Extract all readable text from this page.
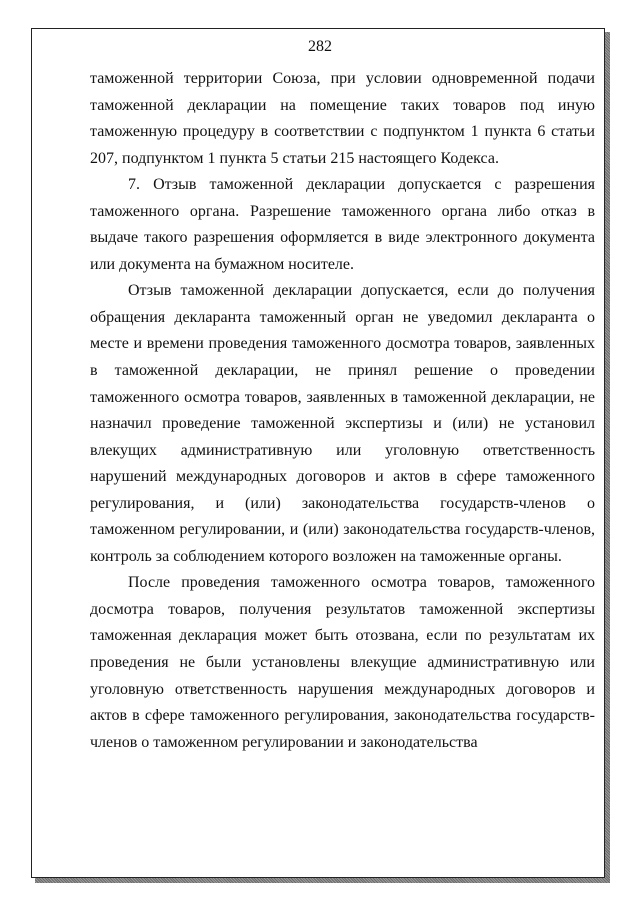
282

таможенной территории Союза, при условии одновременной подачи таможенной декларации на помещение таких товаров под иную таможенную процедуру в соответствии с подпунктом 1 пункта 6 статьи 207, подпунктом 1 пункта 5 статьи 215 настоящего Кодекса.

7. Отзыв таможенной декларации допускается с разрешения таможенного органа. Разрешение таможенного органа либо отказ в выдаче такого разрешения оформляется в виде электронного документа или документа на бумажном носителе.

Отзыв таможенной декларации допускается, если до получения обращения декларанта таможенный орган не уведомил декларанта о месте и времени проведения таможенного досмотра товаров, заявленных в таможенной декларации, не принял решение о проведении таможенного осмотра товаров, заявленных в таможенной декларации, не назначил проведение таможенной экспертизы и (или) не установил влекущих административную или уголовную ответственность нарушений международных договоров и актов в сфере таможенного регулирования, и (или) законодательства государств-членов о таможенном регулировании, и (или) законодательства государств-членов, контроль за соблюдением которого возложен на таможенные органы.

После проведения таможенного осмотра товаров, таможенного досмотра товаров, получения результатов таможенной экспертизы таможенная декларация может быть отозвана, если по результатам их проведения не были установлены влекущие административную или уголовную ответственность нарушения международных договоров и актов в сфере таможенного регулирования, законодательства государств-членов о таможенном регулировании и законодательства
